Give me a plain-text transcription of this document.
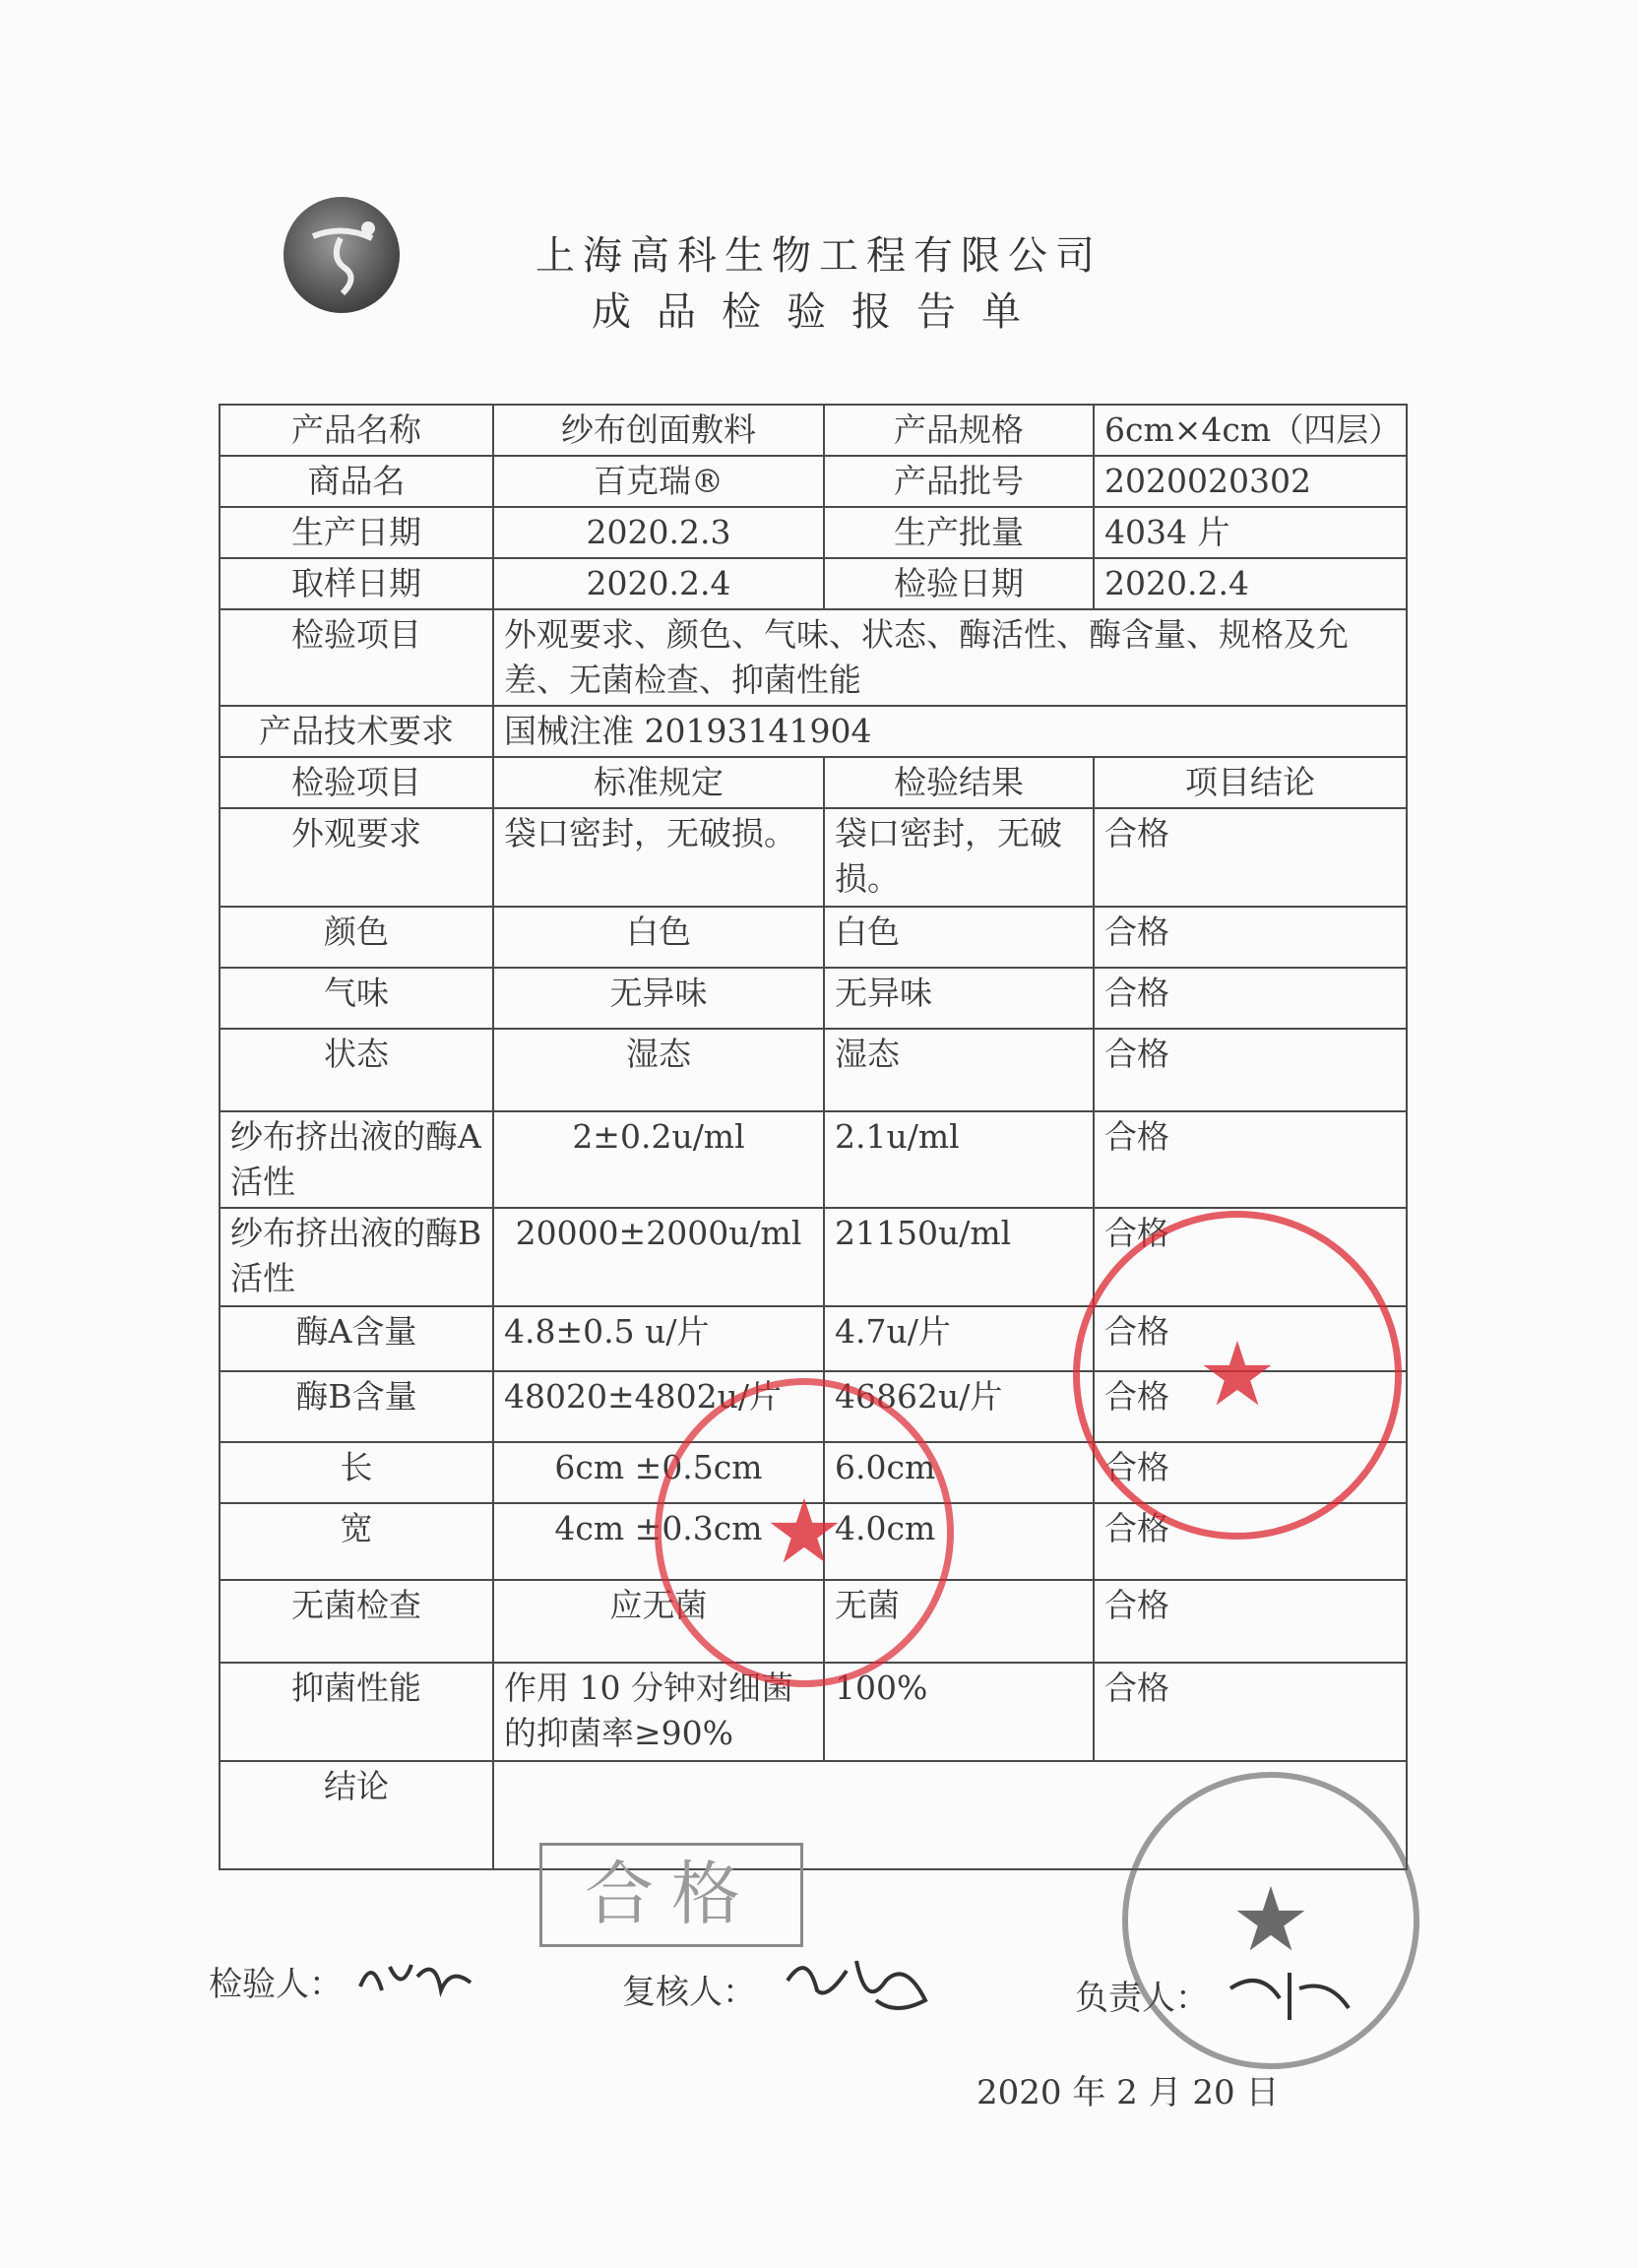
上海高科生物工程有限公司
成品检验报告单
产品名称	纱布创面敷料	产品规格	6cm×4cm（四层）
商品名	百克瑞®	产品批号	2020020302
生产日期	2020.2.3	生产批量	4034 片
取样日期	2020.2.4	检验日期	2020.2.4
检验项目	外观要求、颜色、气味、状态、酶活性、酶含量、规格及允差、无菌检查、抑菌性能		
产品技术要求	国械注准 20193141904		
检验项目	标准规定	检验结果	项目结论
外观要求	袋口密封，无破损。	袋口密封，无破损。	合格
颜色	白色	白色	合格
气味	无异味	无异味	合格
状态	湿态	湿态	合格
纱布挤出液的酶A活性	2±0.2u/ml	2.1u/ml	合格
纱布挤出液的酶B活性	20000±2000u/ml	21150u/ml	合格
酶A含量	4.8±0.5 u/片	4.7u/片	合格
酶B含量	48020±4802u/片	46862u/片	合格
长	6cm ±0.5cm	6.0cm	合格
宽	4cm ±0.3cm	4.0cm	合格
无菌检查	应无菌	无菌	合格
抑菌性能	作用 10 分钟对细菌的抑菌率≥90%	100%	合格
结论			
合格
检验人：	复核人：	负责人：
2020 年 2 月 20 日
★
★
★
